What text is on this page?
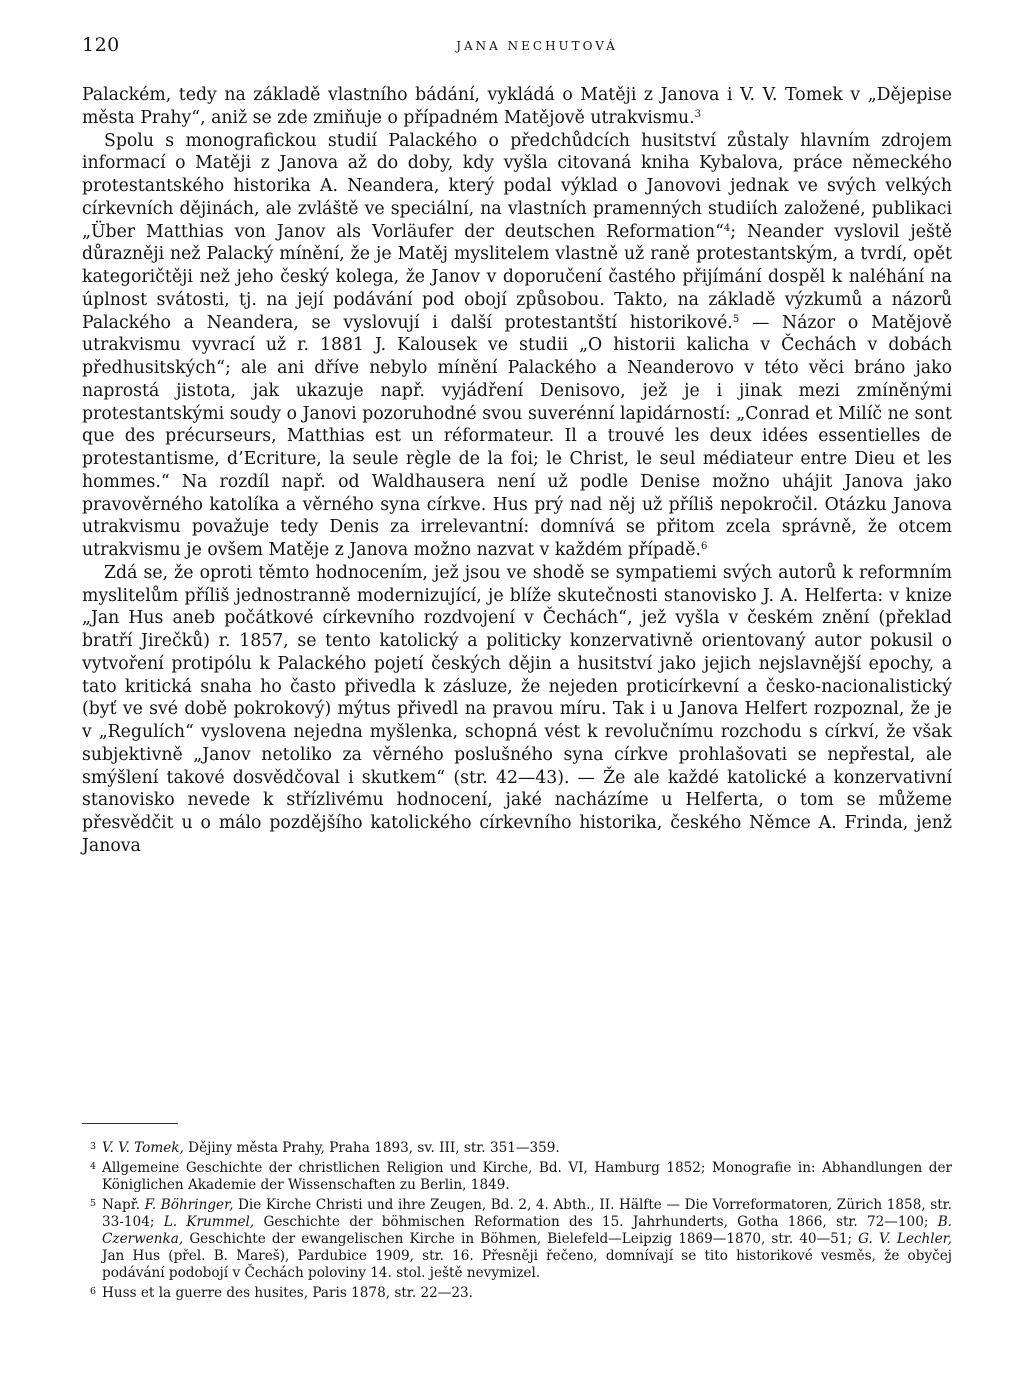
120	JANA NECHUTOVÁ

Palackém, tedy na základě vlastního bádání, vykládá o Matěji z Janova i V. V. Tomek v „Dějepise města Prahy“, aniž se zde zmiňuje o případném Matějově utrakvismu.$^3$

Spolu s monografickou studií Palackého o předchůdcích husitství zůstaly hlavním zdrojem informací o Matěji z Janova až do doby, kdy vyšla citovaná kniha Kybalova, práce německého protestantského historika A. Neandera, který podal výklad o Janovovi jednak ve svých velkých církevních dějinách, ale zvláště ve speciální, na vlastních pramenných studiích založené, publikaci „Über Matthias von Janov als Vorläufer der deutschen Reformation“$^4$; Neander vyslovil ještě důrazněji než Palacký mínění, že je Matěj myslitelem vlastně už raně protestantským, a tvrdí, opět kategoričtěji než jeho český kolega, že Janov v doporučení častého přijímání dospěl k naléhání na úplnost svátosti, tj. na její podávání pod obojí způsobou. Takto, na základě výzkumů a názorů Palackého a Neandera, se vyslovují i další protestantští historikové.$^5$ — Názor o Matějově utrakvismu vyvrací už r. 1881 J. Kalousek ve studii „O historii kalicha v Čechách v dobách předhusitských“; ale ani dříve nebylo mínění Palackého a Neanderovo v této věci bráno jako naprostá jistota, jak ukazuje např. vyjádření Denisovo, jež je i jinak mezi zmíněnými protestantskými soudy o Janovi pozoruhodné svou suverénní lapidárností: „Conrad et Milíč ne sont que des précurseurs, Matthias est un réformateur. Il a trouvé les deux idées essentielles de protestantisme, d’Ecriture, la seule règle de la foi; le Christ, le seul médiateur entre Dieu et les hommes.“ Na rozdíl např. od Waldhausera není už podle Denise možno uhájit Janova jako pravověrného katolíka a věrného syna církve. Hus prý nad něj už příliš nepokročil. Otázku Janova utrakvismu považuje tedy Denis za irrelevantní: domnívá se přitom zcela správně, že otcem utrakvismu je ovšem Matěje z Janova možno nazvat v každém případě.$^6$

Zdá se, že oproti těmto hodnocením, jež jsou ve shodě se sympatiemi svých autorů k reformním myslitelům příliš jednostranně modernizující, je blíže skutečnosti stanovisko J. A. Helferta: v knize „Jan Hus aneb počátkové církevního rozdvojení v Čechách“, jež vyšla v českém znění (překlad bratří Jirečků) r. 1857, se tento katolický a politicky konzervativně orientovaný autor pokusil o vytvoření protipólu k Palackého pojetí českých dějin a husitství jako jejich nejslavnější epochy, a tato kritická snaha ho často přivedla k zásluze, že nejeden proticírkevní a česko-nacionalistický (byť ve své době pokrokový) mýtus přivedl na pravou míru. Tak i u Janova Helfert rozpoznal, že je v „Regulích“ vyslovena nejedna myšlenka, schopná vést k revolučnímu rozchodu s církví, že však subjektivně „Janov netoliko za věrného poslušného syna církve prohlašovati se nepřestal, ale smýšlení takové dosvědčoval i skutkem“ (str. 42—43). — Že ale každé katolické a konzervativní stanovisko nevede k střízlivému hodnocení, jaké nacházíme u Helferta, o tom se můžeme přesvědčit u o málo pozdějšího katolického církevního historika, českého Němce A. Frinda, jenž Janova

3 V. V. Tomek, Dějiny města Prahy, Praha 1893, sv. III, str. 351—359.
4 Allgemeine Geschichte der christlichen Religion und Kirche, Bd. VI, Hamburg 1852; Monografie in: Abhandlungen der Königlichen Akademie der Wissenschaften zu Berlin, 1849.
5 Např. F. Böhringer, Die Kirche Christi und ihre Zeugen, Bd. 2, 4. Abth., II. Hälfte — Die Vorreformatoren, Zürich 1858, str. 33-104; L. Krummel, Geschichte der böhmischen Reformation des 15. Jahrhunderts, Gotha 1866, str. 72—100; B. Czerwenka, Geschichte der ewangelischen Kirche in Böhmen, Bielefeld—Leipzig 1869—1870, str. 40—51; G. V. Lechler, Jan Hus (přel. B. Mareš), Pardubice 1909, str. 16. Přesněji řečeno, domnívají se tito historikové vesměs, že obyčej podávání podobojí v Čechách poloviny 14. stol. ještě nevymizel.
6 Huss et la guerre des husites, Paris 1878, str. 22—23.
